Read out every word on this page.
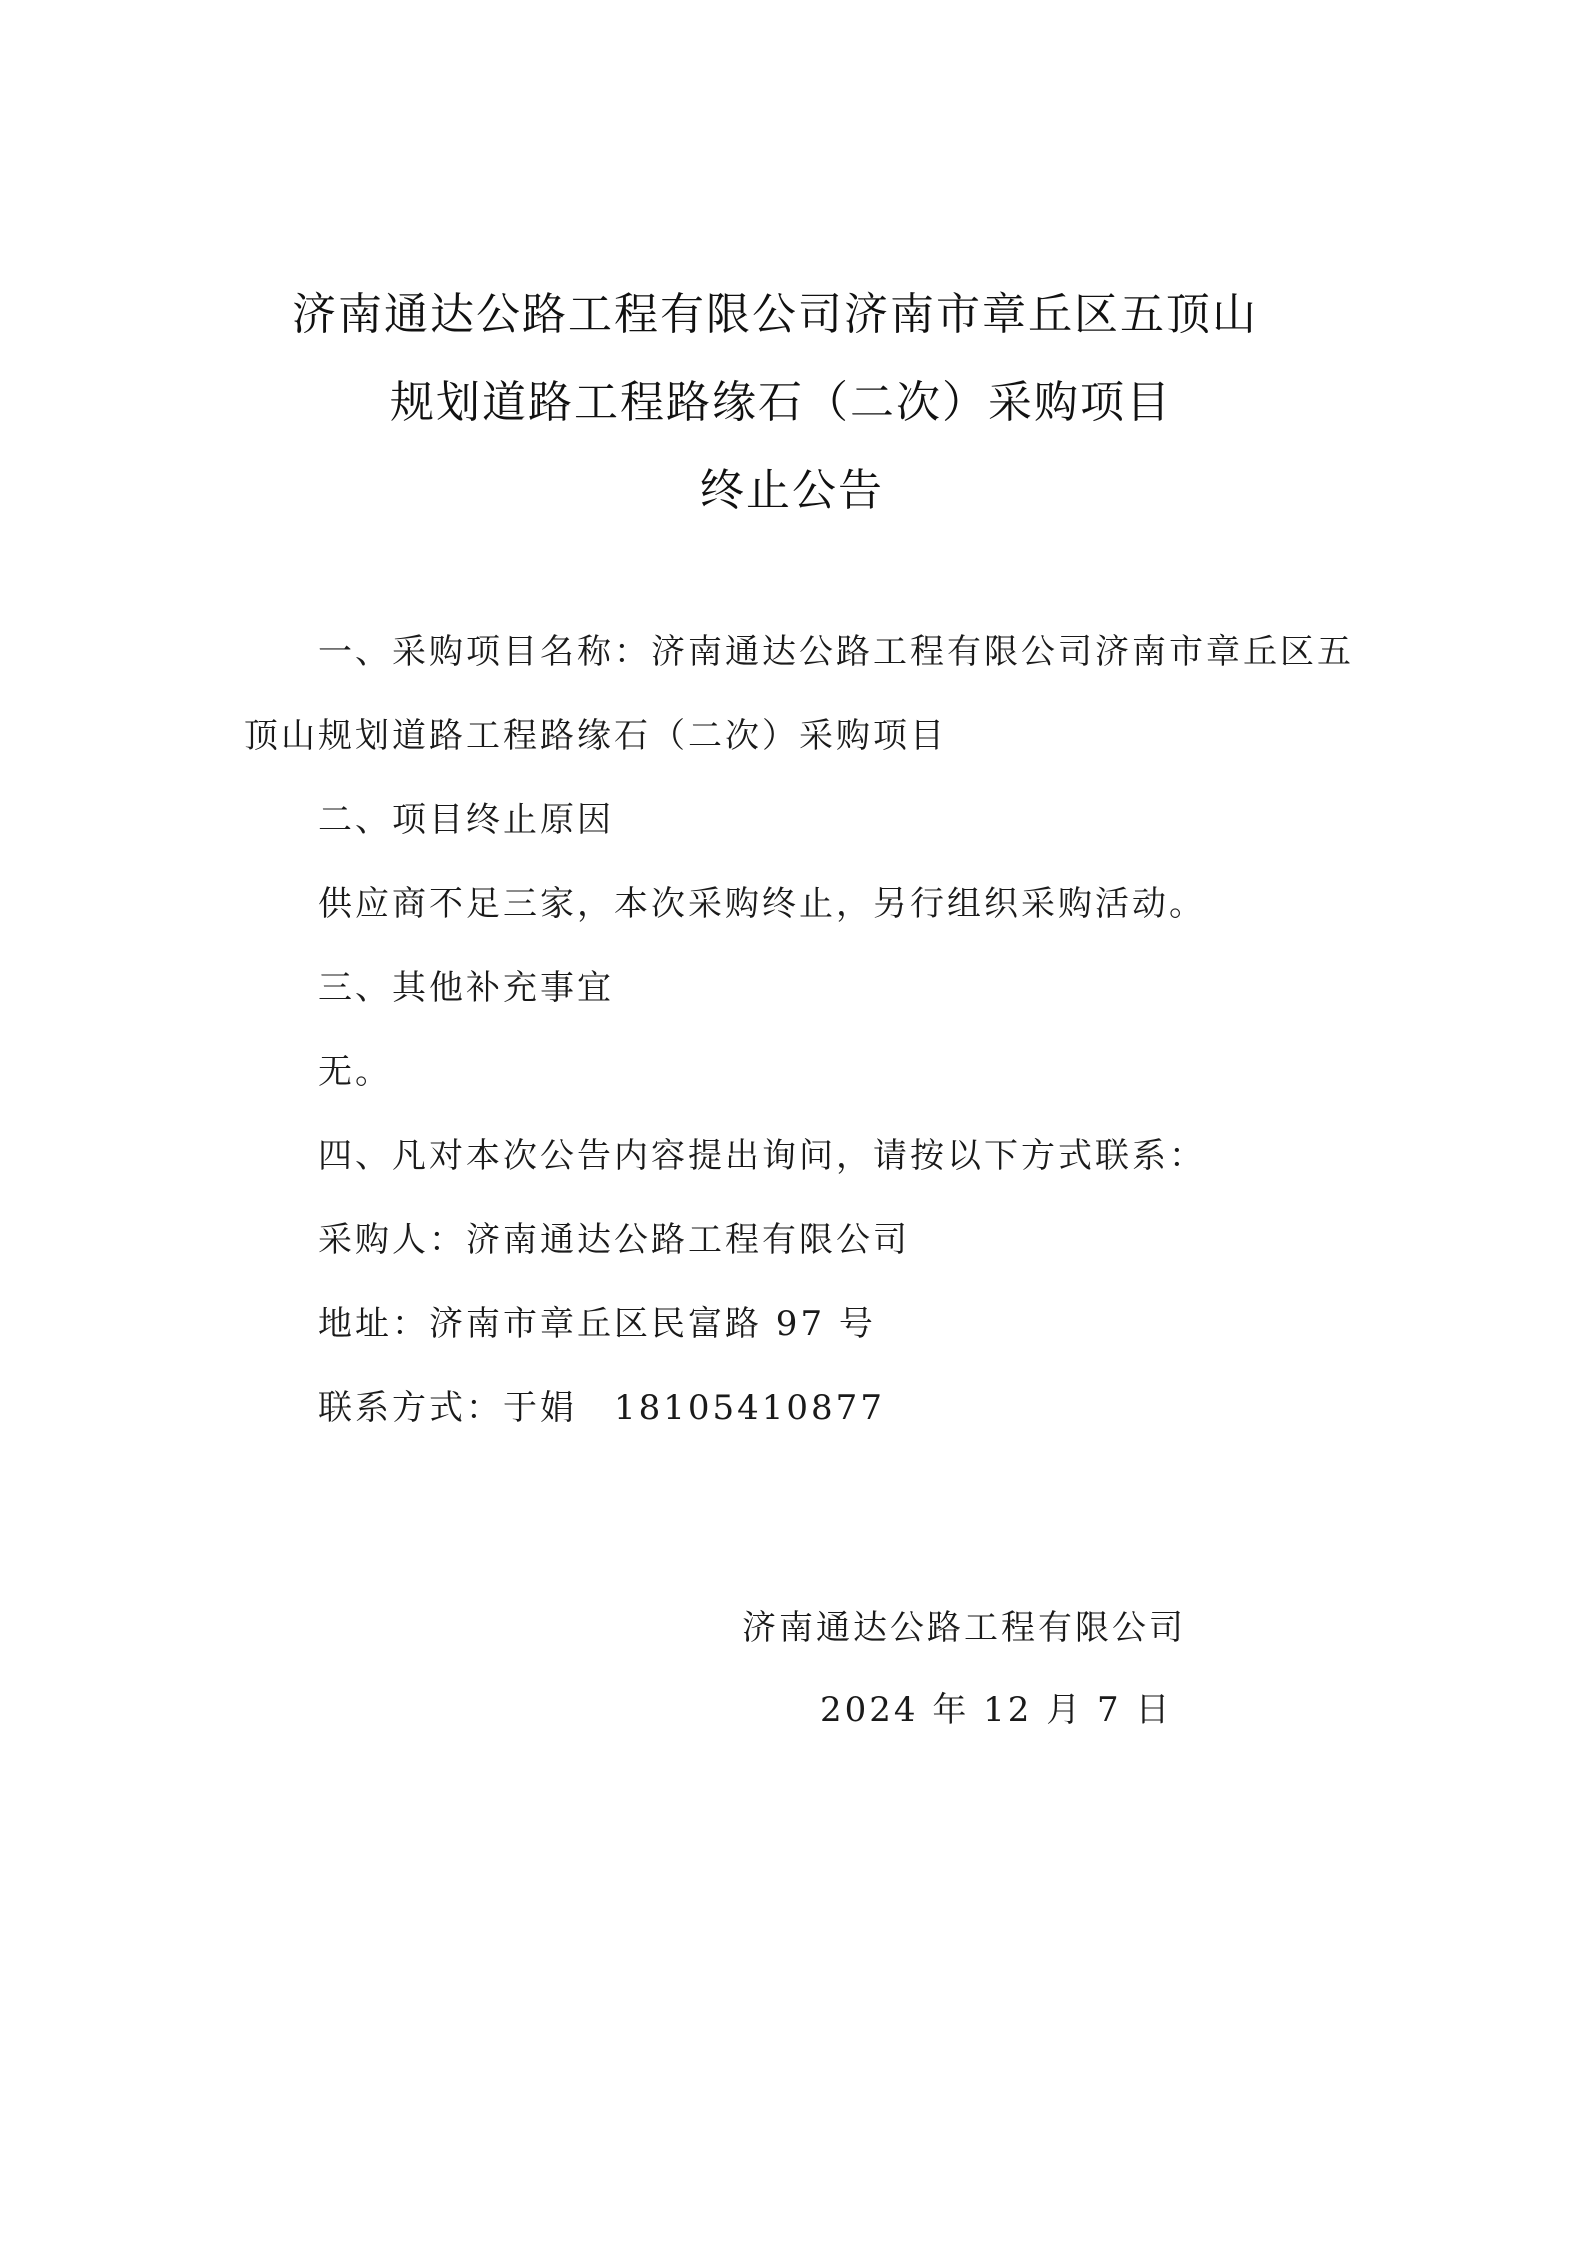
济南通达公路工程有限公司济南市章丘区五顶山
规划道路工程路缘石（二次）采购项目
终止公告
一、采购项目名称：济南通达公路工程有限公司济南市章丘区五
顶山规划道路工程路缘石（二次）采购项目
二、项目终止原因
供应商不足三家，本次采购终止，另行组织采购活动。
三、其他补充事宜
无。
四、凡对本次公告内容提出询问，请按以下方式联系：
采购人：济南通达公路工程有限公司
地址：济南市章丘区民富路 97 号
联系方式：于娟　18105410877
济南通达公路工程有限公司
2024 年 12 月 7 日
